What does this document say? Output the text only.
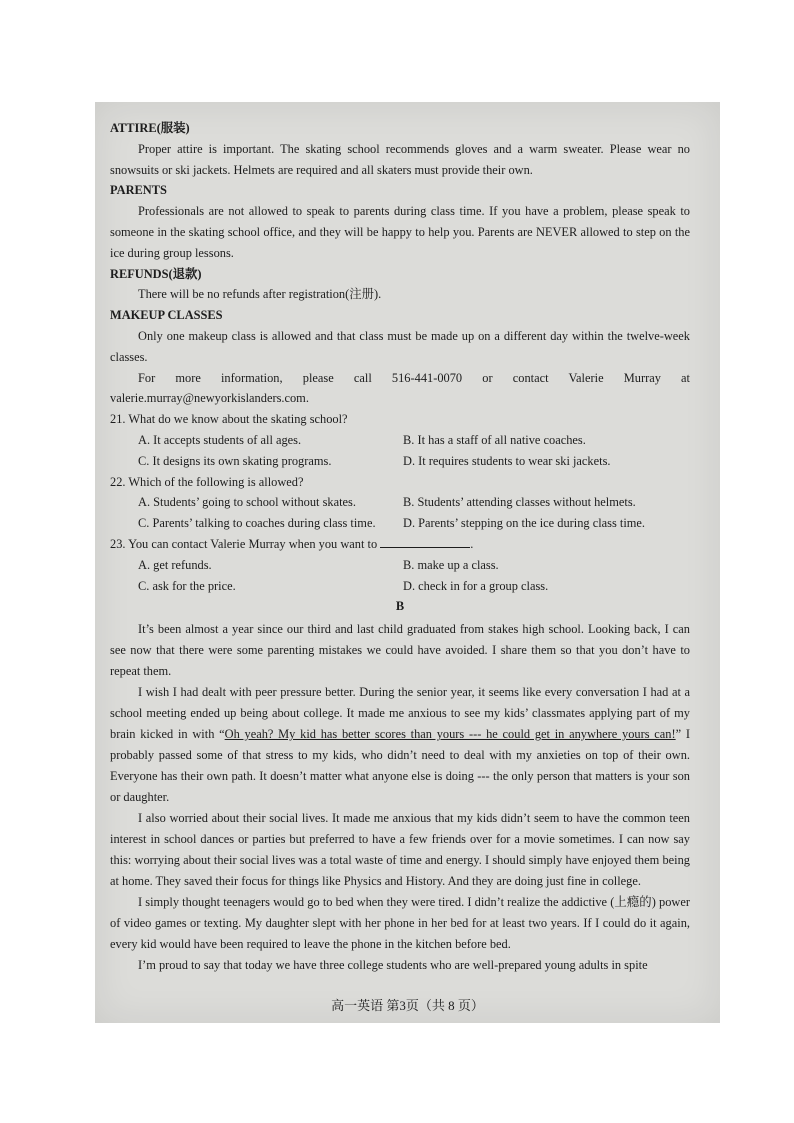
ATTIRE(服装)

Proper attire is important. The skating school recommends gloves and a warm sweater. Please wear no snowsuits or ski jackets. Helmets are required and all skaters must provide their own.

PARENTS

Professionals are not allowed to speak to parents during class time. If you have a problem, please speak to someone in the skating school office, and they will be happy to help you. Parents are NEVER allowed to step on the ice during group lessons.

REFUNDS(退款)

There will be no refunds after registration(注册).

MAKEUP CLASSES

Only one makeup class is allowed and that class must be made up on a different day within the twelve-week classes.

For more information, please call 516-441-0070 or contact Valerie Murray at

valerie.murray@newyorkislanders.com.

21. What do we know about the skating school?

A. It accepts students of all ages.	B. It has a staff of all native coaches.
C. It designs its own skating programs.	D. It requires students to wear ski jackets.

22. Which of the following is allowed?

A. Students’ going to school without skates.	B. Students’ attending classes without helmets.
C. Parents’ talking to coaches during class time.	D. Parents’ stepping on the ice during class time.

23. You can contact Valerie Murray when you want to	.

A. get refunds.	B. make up a class.
C. ask for the price.	D. check in for a group class.

B

It’s been almost a year since our third and last child graduated from stakes high school. Looking back, I can see now that there were some parenting mistakes we could have avoided. I share them so that you don’t have to repeat them.

I wish I had dealt with peer pressure better. During the senior year, it seems like every conversation I had at a school meeting ended up being about college. It made me anxious to see my kids’ classmates applying part of my brain kicked in with “Oh yeah? My kid has better scores than yours --- he could get in anywhere yours can!” I probably passed some of that stress to my kids, who didn’t need to deal with my anxieties on top of their own. Everyone has their own path. It doesn’t matter what anyone else is doing --- the only person that matters is your son or daughter.

I also worried about their social lives. It made me anxious that my kids didn’t seem to have the common teen interest in school dances or parties but preferred to have a few friends over for a movie sometimes. I can now say this: worrying about their social lives was a total waste of time and energy. I should simply have enjoyed them being at home. They saved their focus for things like Physics and History. And they are doing just fine in college.

I simply thought teenagers would go to bed when they were tired. I didn’t realize the addictive (上瘾的) power of video games or texting. My daughter slept with her phone in her bed for at least two years. If I could do it again, every kid would have been required to leave the phone in the kitchen before bed.

I’m proud to say that today we have three college students who are well-prepared young adults in spite

高一英语 第3页（共 8 页）
